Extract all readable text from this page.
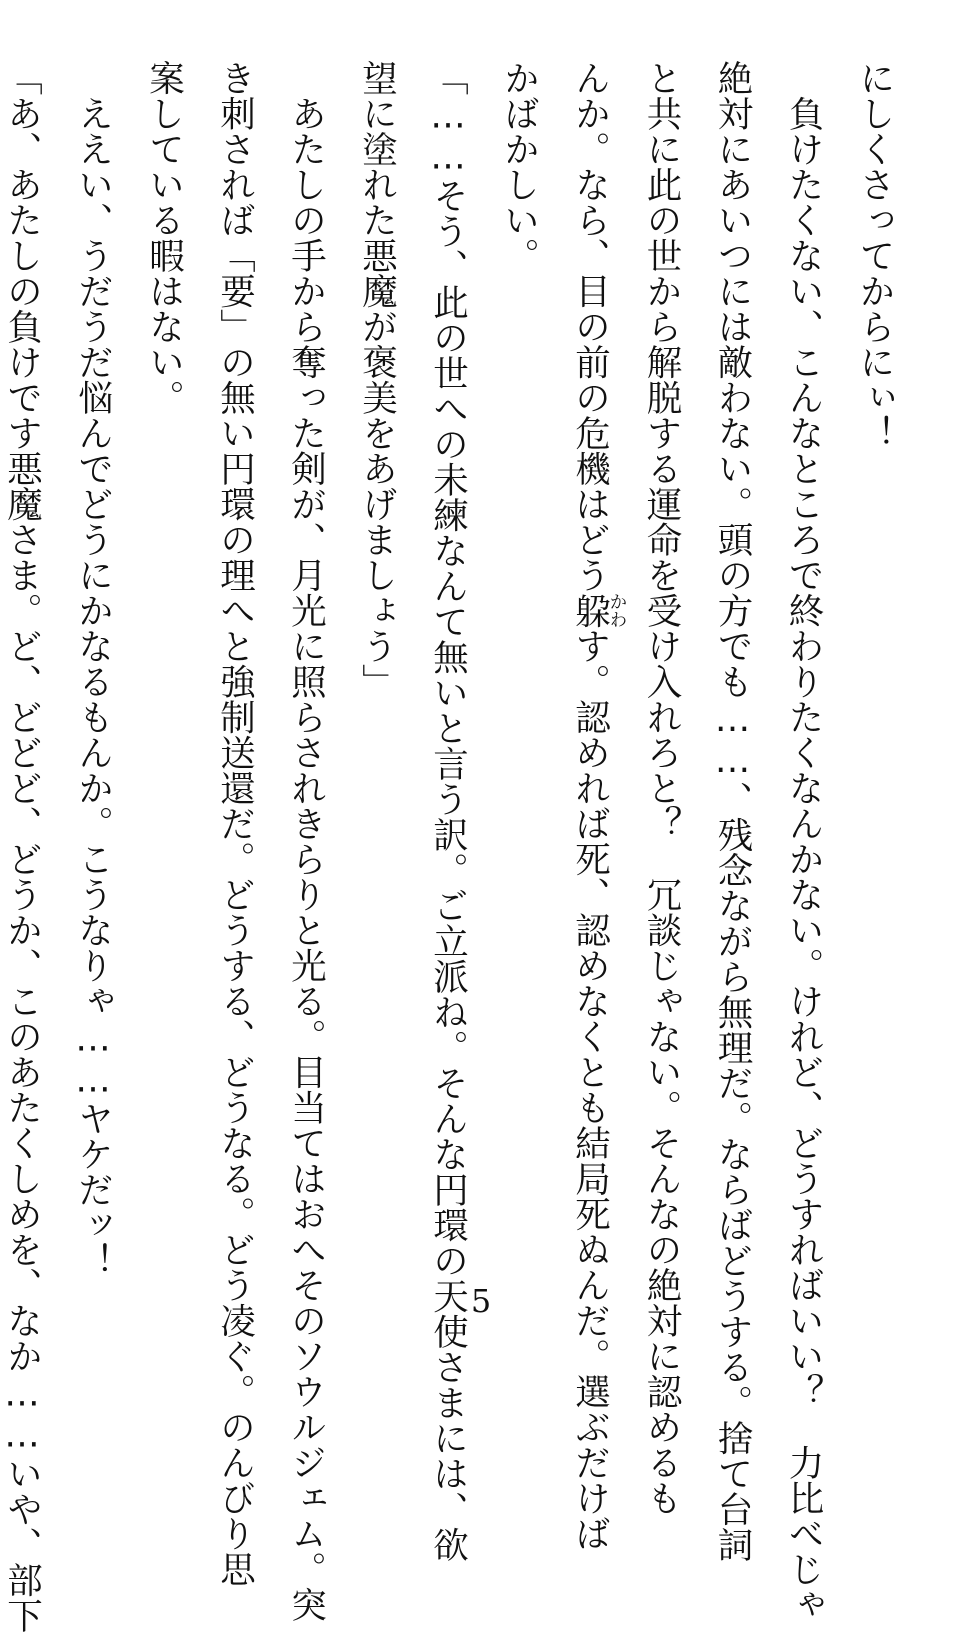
にしくさってからにぃ！
　負けたくない、こんなところで終わりたくなんかない。けれど、どうすればいい？　力比べじゃ
絶対にあいつには敵わない。頭の方でも……、残念ながら無理だ。ならばどうする。捨て台詞
と共に此の世から解脱する運命を受け入れろと？　冗談じゃない。そんなの絶対に認めるも
んか。なら、目の前の危機はどう躱かわす。認めれば死、認めなくとも結局死ぬんだ。選ぶだけば
かばかしい。
「……そう、此の世への未練なんて無いと言う訳。ご立派ね。そんな円環の天使さまには、欲
望に塗れた悪魔が褒美をあげましょう」
　あたしの手から奪った剣が、月光に照らされきらりと光る。目当てはおへそのソウルジェム。突
き刺されば「要」の無い円環の理へと強制送還だ。どうする、どうなる。どう凌ぐ。のんびり思
案している暇はない。
　ええい、うだうだ悩んでどうにかなるもんか。こうなりゃ……ヤケだッ！
「あ、あたしの負けです悪魔さま。ど、どどど、どうか、このあたくしめを、なか……いや、部下	5
